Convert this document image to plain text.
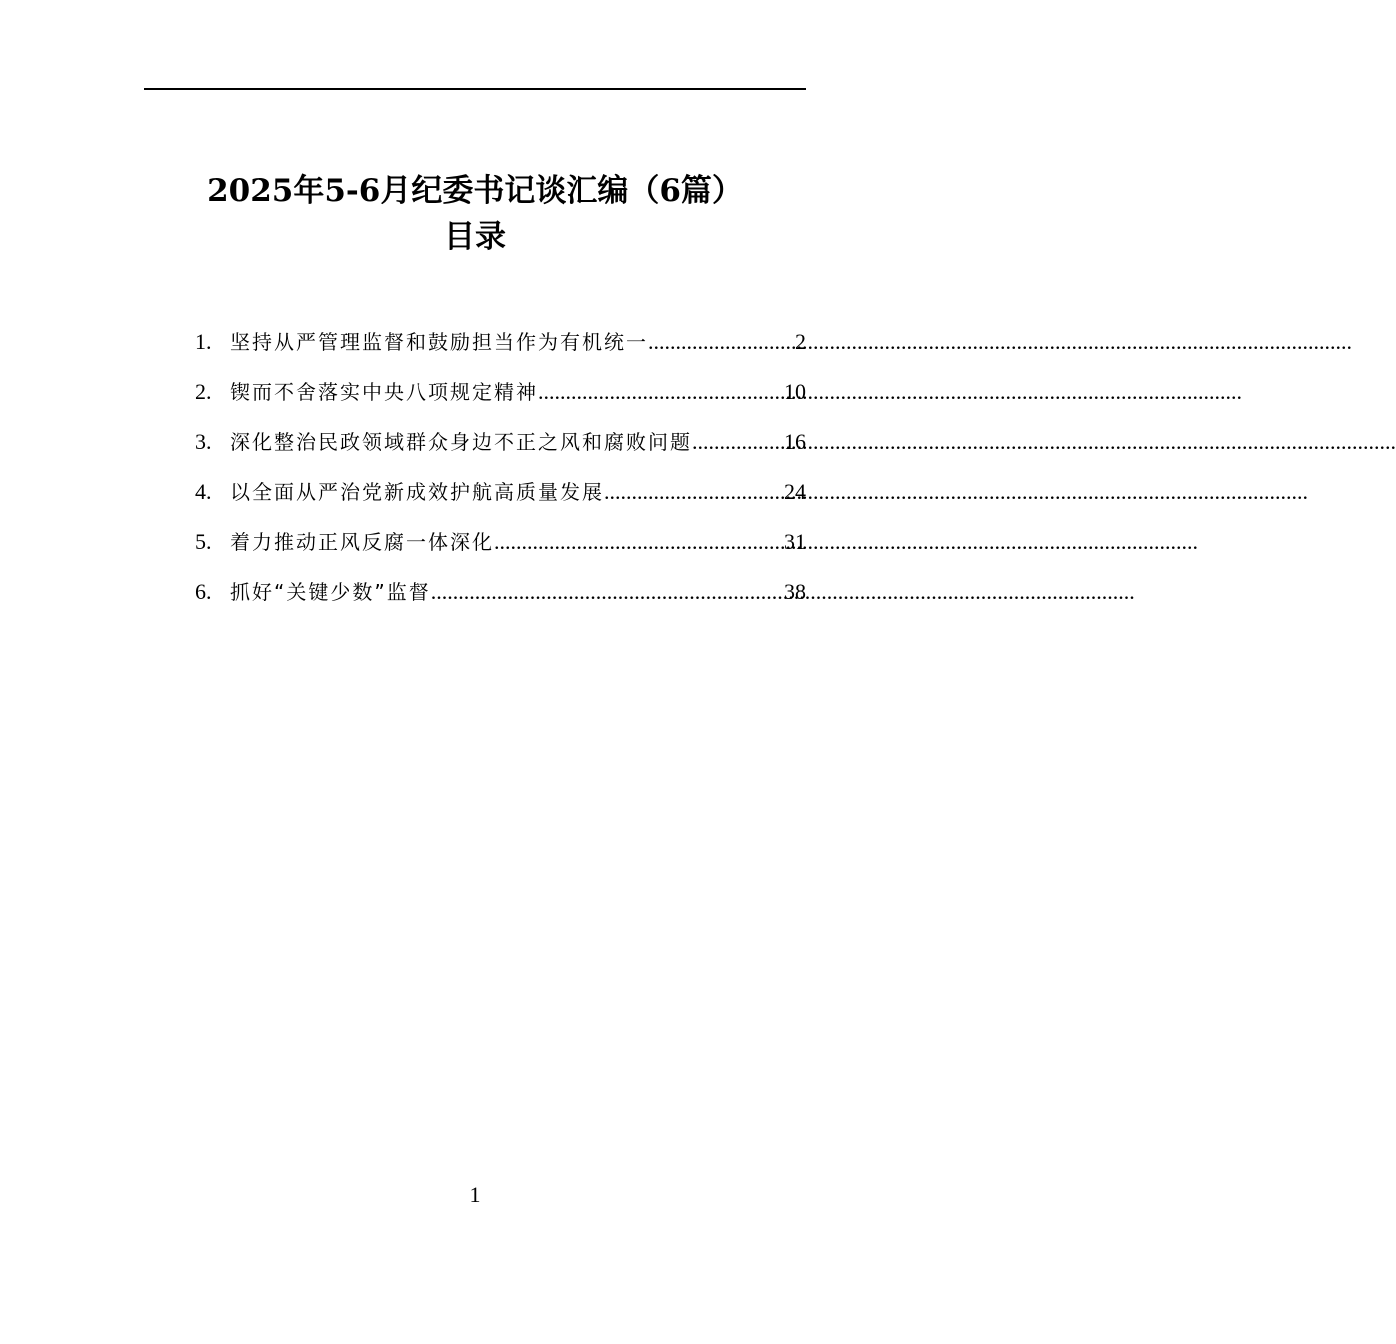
2025年5-6月纪委书记谈汇编（6篇）
目录
1. 坚持从严管理监督和鼓励担当作为有机统一 .....	2
2. 锲而不舍落实中央八项规定精神 .....	10
3. 深化整治民政领域群众身边不正之风和腐败问题 .....	16
4. 以全面从严治党新成效护航高质量发展 .....	24
5. 着力推动正风反腐一体深化 .....	31
6. 抓好“关键少数”监督 .....	38
1
